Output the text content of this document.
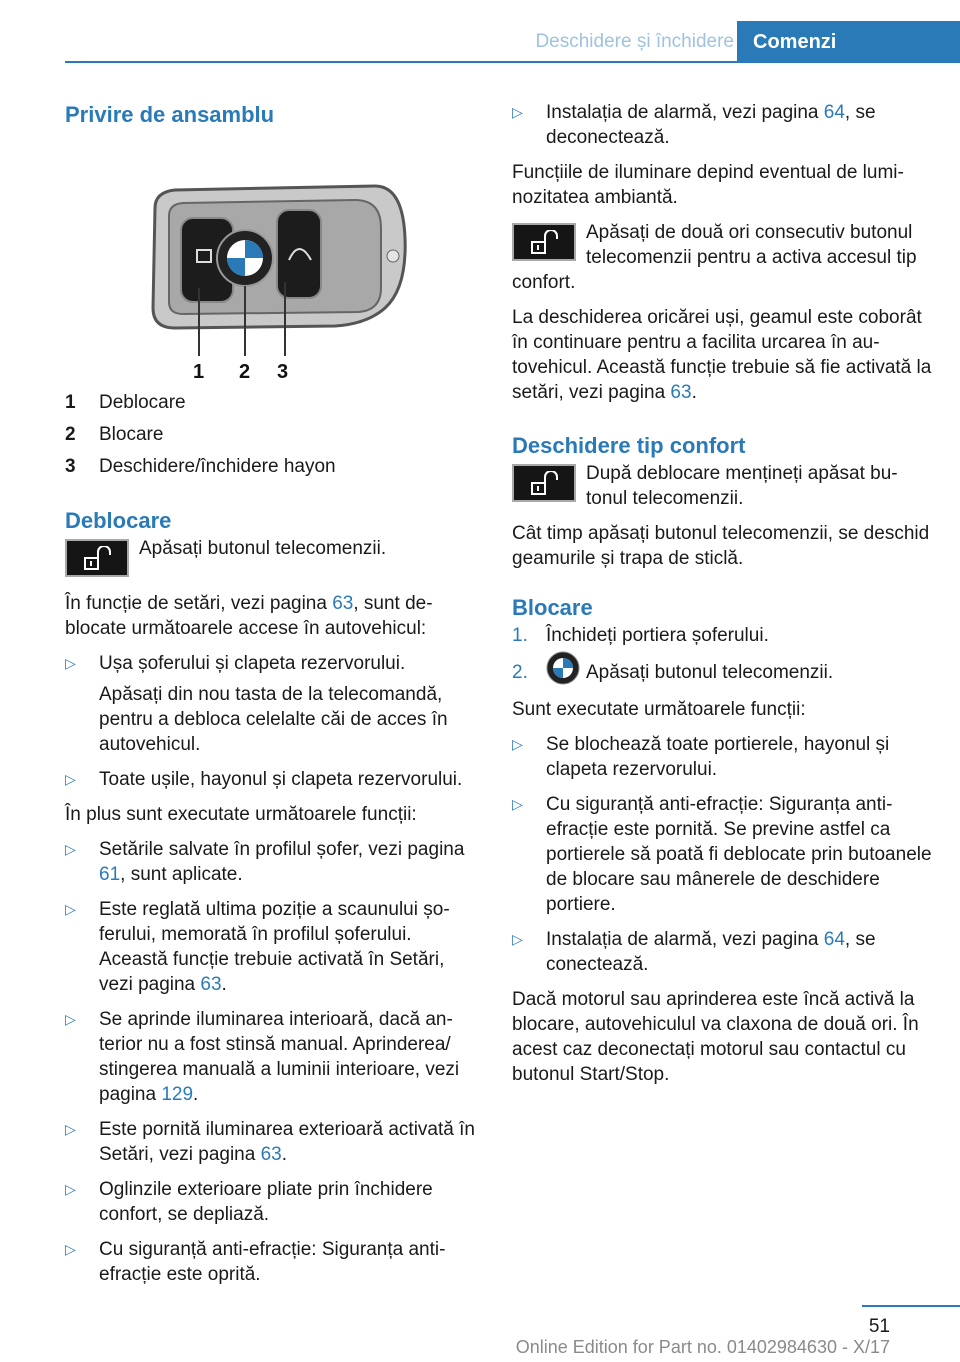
Deschidere și închidere Comenzi
Privire de ansamblu
1 2 3
1	Deblocare
2	Blocare
3	Deschidere/închidere hayon
Deblocare
Apăsați butonul telecomenzii.

În funcție de setări, vezi pagina 63, sunt deblocate următoarele accese în autovehicul:

▷ Ușa șoferului și clapeta rezervorului.
Apăsați din nou tasta de la telecomandă, pentru a debloca celelalte căi de acces în autovehicul.
▷ Toate ușile, hayonul și clapeta rezervorului.

În plus sunt executate următoarele funcții:

▷ Setările salvate în profilul șofer, vezi pagina 61, sunt aplicate.
▷ Este reglată ultima poziție a scaunului șoferului, memorată în profilul șoferului. Această funcție trebuie activată în Setări, vezi pagina 63.
▷ Se aprinde iluminarea interioară, dacă anterior nu a fost stinsă manual. Aprinderea/ stingerea manuală a luminii interioare, vezi pagina 129.
▷ Este pornită iluminarea exterioară activată în Setări, vezi pagina 63.
▷ Oglinzile exterioare pliate prin închidere confort, se depliază.
▷ Cu siguranță anti-efracție: Siguranța anti-efracție este oprită.
▷ Instalația de alarmă, vezi pagina 64, se deconectează.

Funcțiile de iluminare depind eventual de luminozitatea ambiantă.

Apăsați de două ori consecutiv butonul telecomenzii pentru a activa accesul tip confort.

La deschiderea oricărei uși, geamul este coborât în continuare pentru a facilita urcarea în autovehicul. Această funcție trebuie să fie activată la setări, vezi pagina 63.

Deschidere tip confort
După deblocare mențineți apăsat butonul telecomenzii.

Cât timp apăsați butonul telecomenzii, se deschid geamurile și trapa de sticlă.

Blocare
1. Închideți portiera șoferului.
2.	Apăsați butonul telecomenzii.

Sunt executate următoarele funcții:

▷ Se blochează toate portierele, hayonul și clapeta rezervorului.
▷ Cu siguranță anti-efracție: Siguranța anti-efracție este pornită. Se previne astfel ca portierele să poată fi deblocate prin butoanele de blocare sau mânerele de deschidere portiere.
▷ Instalația de alarmă, vezi pagina 64, se conectează.

Dacă motorul sau aprinderea este încă activă la blocare, autovehiculul va claxona de două ori. În acest caz deconectați motorul sau contactul cu butonul Start/Stop.

51
Online Edition for Part no. 01402984630 - X/17
